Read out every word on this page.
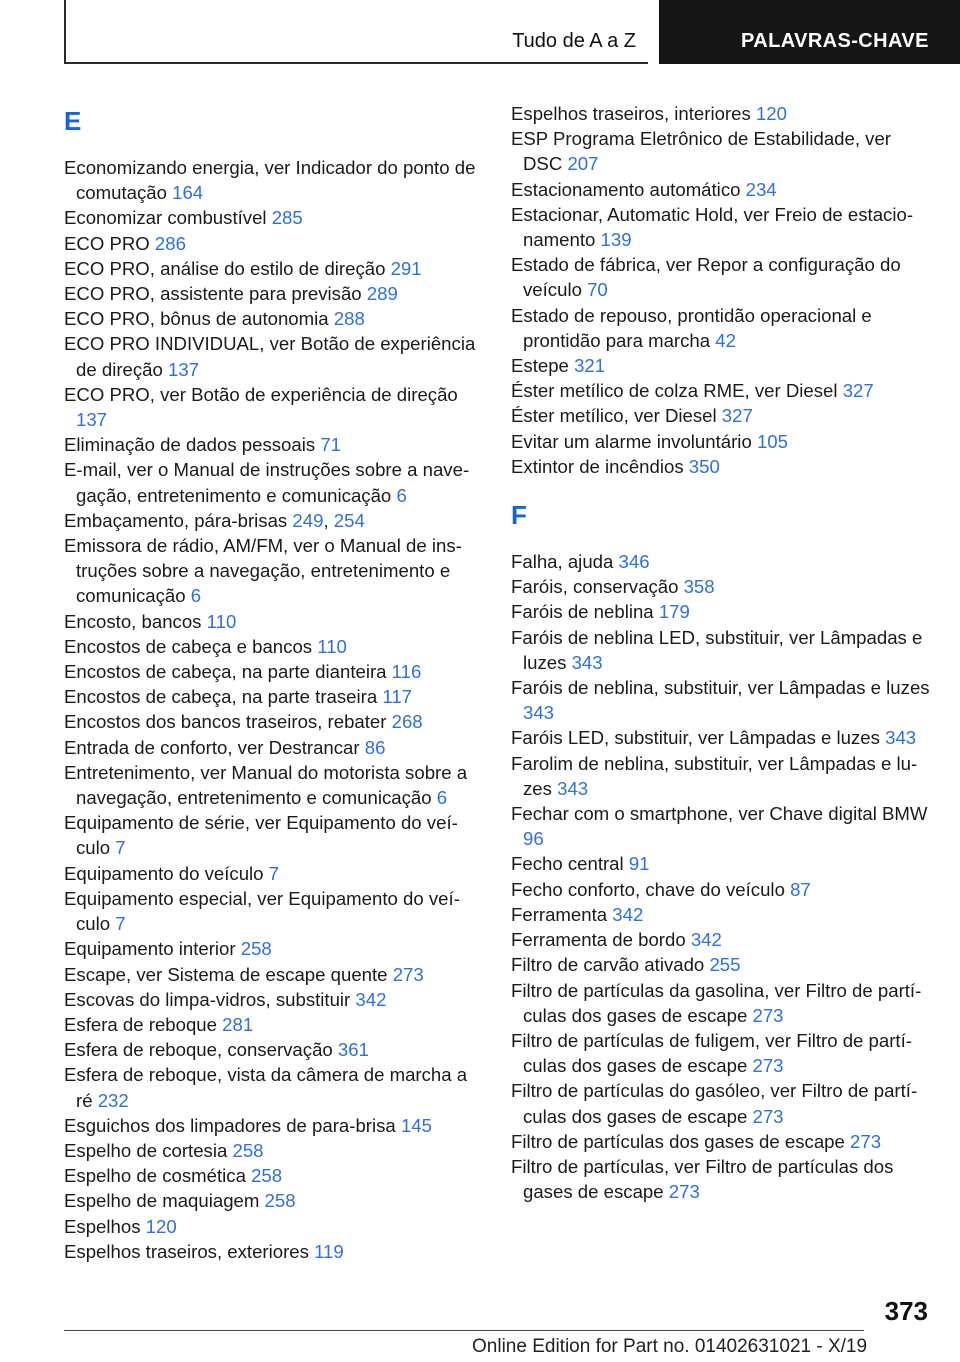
Tudo de A a Z	PALAVRAS-CHAVE
E
Economizando energia, ver Indicador do ponto de comutação 164
Economizar combustível 285
ECO PRO 286
ECO PRO, análise do estilo de direção 291
ECO PRO, assistente para previsão 289
ECO PRO, bônus de autonomia 288
ECO PRO INDIVIDUAL, ver Botão de experiência de direção 137
ECO PRO, ver Botão de experiência de direção 137
Eliminação de dados pessoais 71
E-mail, ver o Manual de instruções sobre a navegação, entretenimento e comunicação 6
Embaçamento, pára-brisas 249, 254
Emissora de rádio, AM/FM, ver o Manual de instruções sobre a navegação, entretenimento e comunicação 6
Encosto, bancos 110
Encostos de cabeça e bancos 110
Encostos de cabeça, na parte dianteira 116
Encostos de cabeça, na parte traseira 117
Encostos dos bancos traseiros, rebater 268
Entrada de conforto, ver Destrancar 86
Entretenimento, ver Manual do motorista sobre a navegação, entretenimento e comunicação 6
Equipamento de série, ver Equipamento do veículo 7
Equipamento do veículo 7
Equipamento especial, ver Equipamento do veículo 7
Equipamento interior 258
Escape, ver Sistema de escape quente 273
Escovas do limpa-vidros, substituir 342
Esfera de reboque 281
Esfera de reboque, conservação 361
Esfera de reboque, vista da câmera de marcha a ré 232
Esguichos dos limpadores de para-brisa 145
Espelho de cortesia 258
Espelho de cosmética 258
Espelho de maquiagem 258
Espelhos 120
Espelhos traseiros, exteriores 119
Espelhos traseiros, interiores 120
ESP Programa Eletrônico de Estabilidade, ver DSC 207
Estacionamento automático 234
Estacionar, Automatic Hold, ver Freio de estacionamento 139
Estado de fábrica, ver Repor a configuração do veículo 70
Estado de repouso, prontidão operacional e prontidão para marcha 42
Estepe 321
Éster metílico de colza RME, ver Diesel 327
Éster metílico, ver Diesel 327
Evitar um alarme involuntário 105
Extintor de incêndios 350
F
Falha, ajuda 346
Faróis, conservação 358
Faróis de neblina 179
Faróis de neblina LED, substituir, ver Lâmpadas e luzes 343
Faróis de neblina, substituir, ver Lâmpadas e luzes 343
Faróis LED, substituir, ver Lâmpadas e luzes 343
Farolim de neblina, substituir, ver Lâmpadas e luzes 343
Fechar com o smartphone, ver Chave digital BMW 96
Fecho central 91
Fecho conforto, chave do veículo 87
Ferramenta 342
Ferramenta de bordo 342
Filtro de carvão ativado 255
Filtro de partículas da gasolina, ver Filtro de partículas dos gases de escape 273
Filtro de partículas de fuligem, ver Filtro de partículas dos gases de escape 273
Filtro de partículas do gasóleo, ver Filtro de partículas dos gases de escape 273
Filtro de partículas dos gases de escape 273
Filtro de partículas, ver Filtro de partículas dos gases de escape 273
373
Online Edition for Part no. 01402631021 - X/19
